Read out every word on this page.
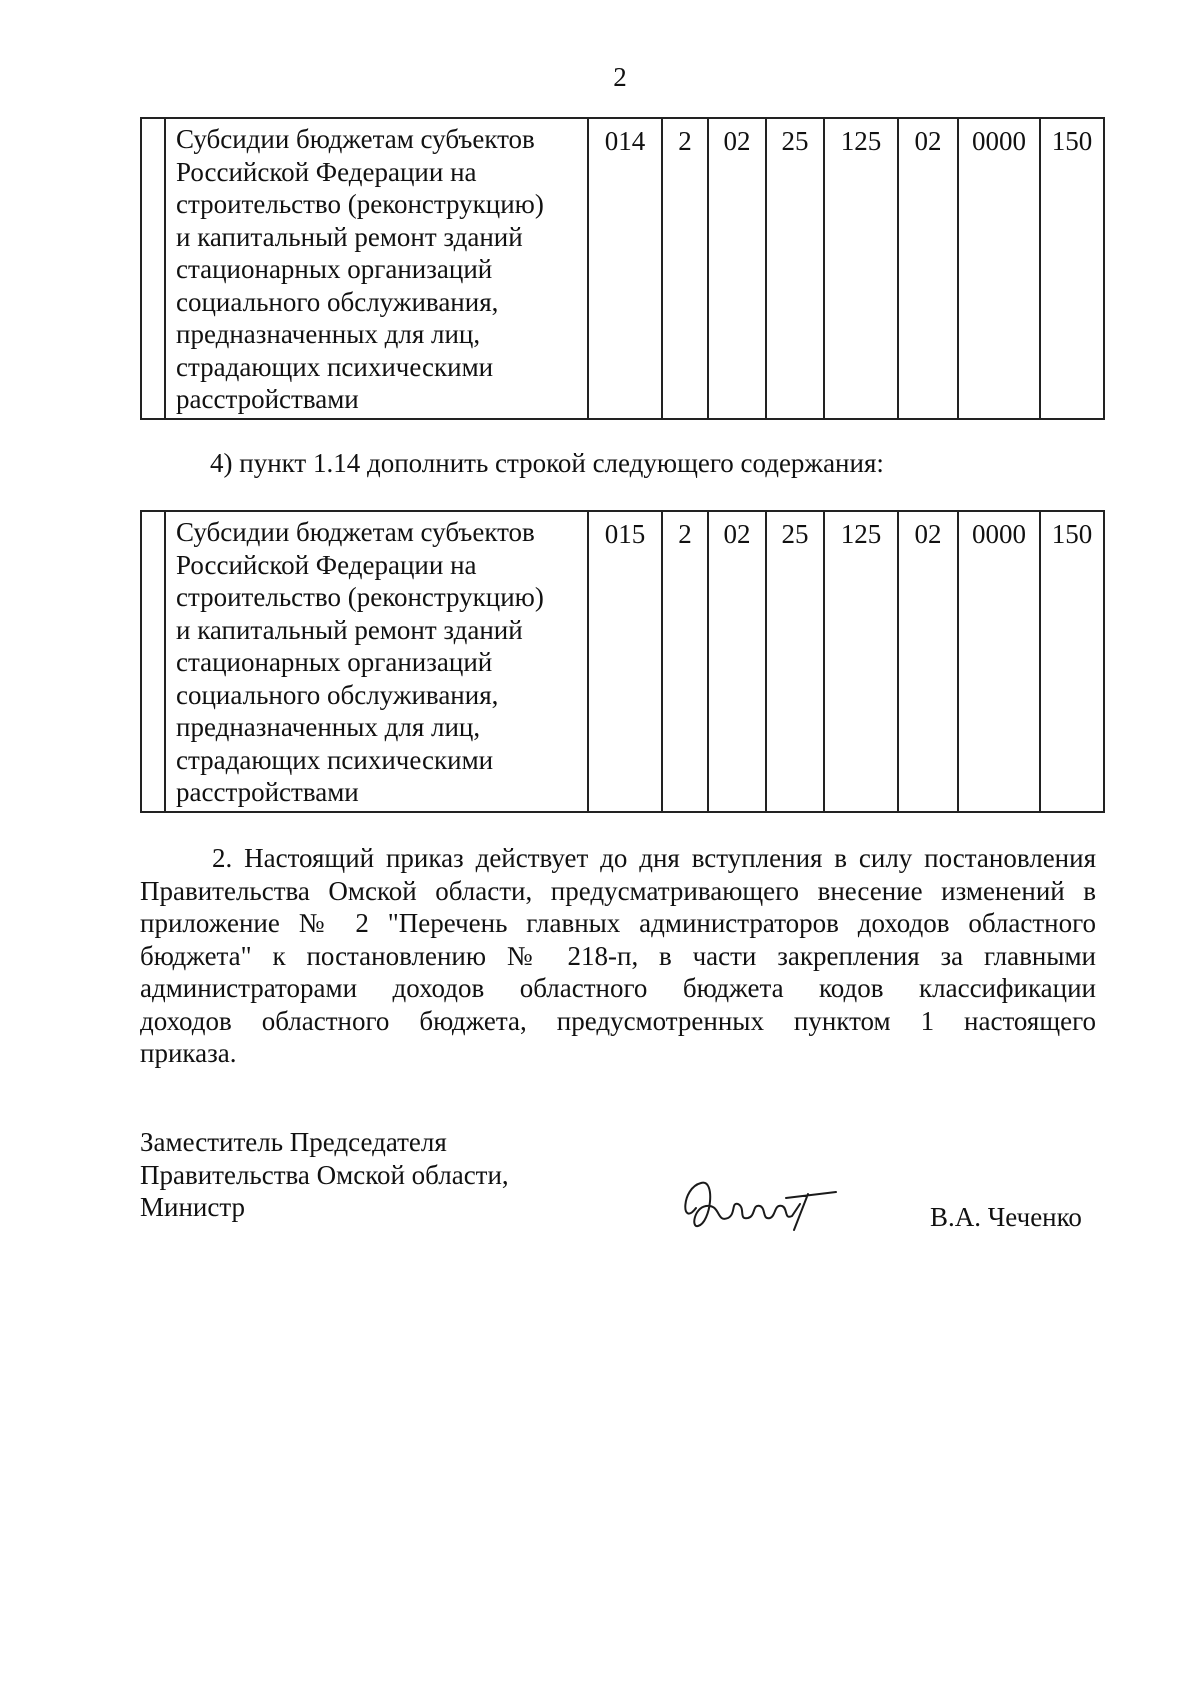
2

Субсидии бюджетам субъектов
Российской Федерации на
строительство (реконструкцию)
и капитальный ремонт зданий
стационарных организаций
социального обслуживания,
предназначенных для лиц,
страдающих психическими
расстройствами
	014	2	02	25	125	02	0000	150
4) пункт 1.14 дополнить строкой следующего содержания:

Субсидии бюджетам субъектов
Российской Федерации на
строительство (реконструкцию)
и капитальный ремонт зданий
стационарных организаций
социального обслуживания,
предназначенных для лиц,
страдающих психическими
расстройствами
	015	2	02	25	125	02	0000	150
2. Настоящий приказ действует до дня вступления в силу постановления
Правительства Омской области, предусматривающего внесение изменений в
приложение № 2 "Перечень главных администраторов доходов областного
бюджета" к постановлению № 218-п, в части закрепления за главными
администраторами доходов областного бюджета кодов классификации
доходов областного бюджета, предусмотренных пунктом 1 настоящего
приказа.
Заместитель Председателя
Правительства Омской области,
Министр	В.А. Чеченко
